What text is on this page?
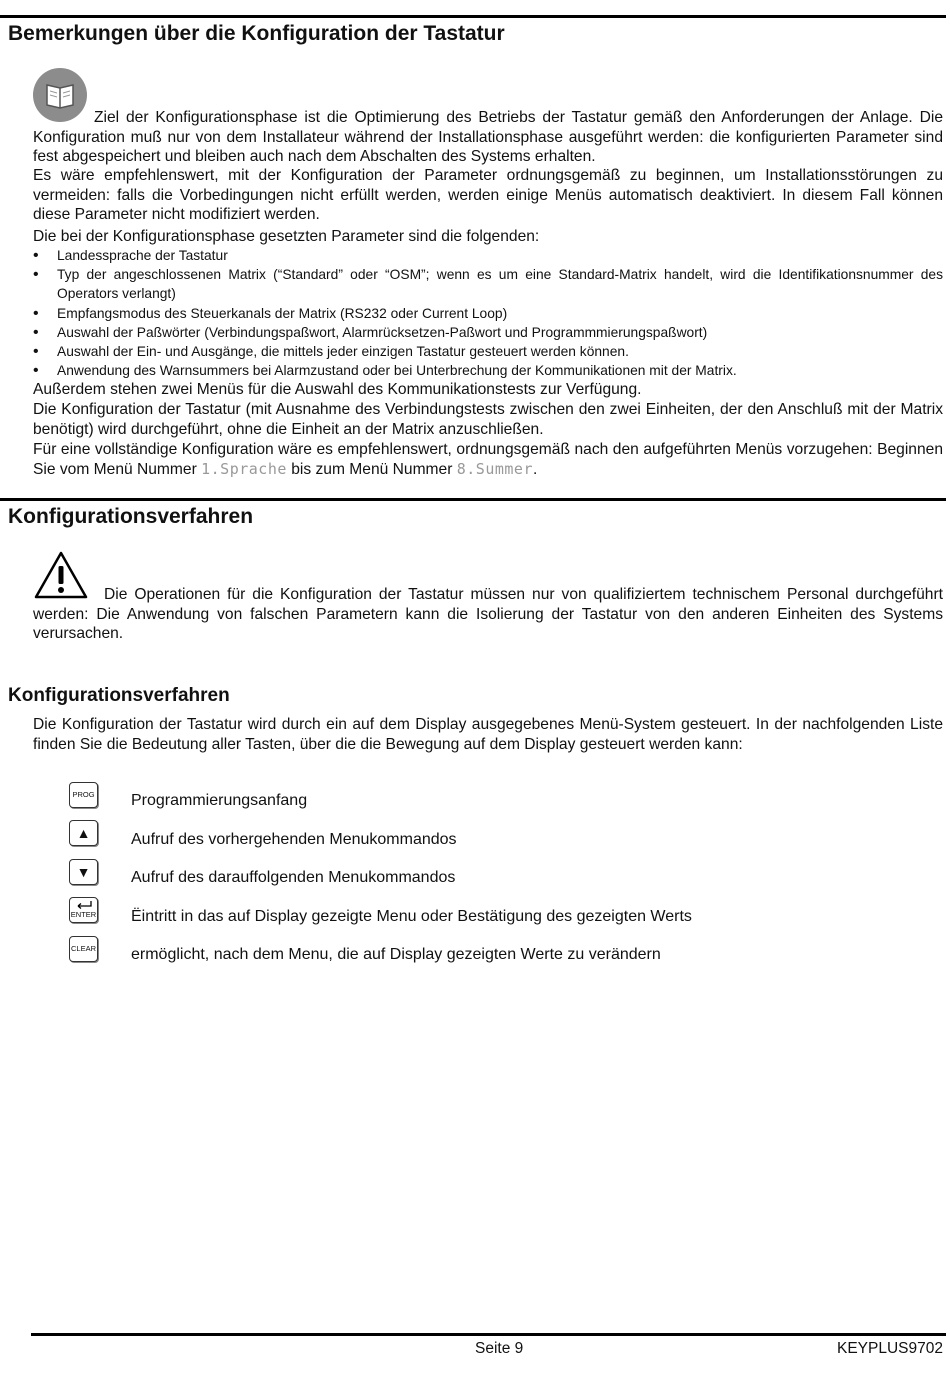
Bemerkungen über die Konfiguration der Tastatur
Ziel der Konfigurationsphase ist die Optimierung des Betriebs der Tastatur gemäß den Anforderungen der Anlage. Die Konfiguration muß nur von dem Installateur während der Installationsphase ausgeführt werden: die konfigurierten Parameter sind fest abgespeichert und bleiben auch nach dem Abschalten des Systems erhalten.
Es wäre empfehlenswert, mit der Konfiguration der Parameter ordnungsgemäß zu beginnen, um Installationsstörungen zu vermeiden: falls die Vorbedingungen nicht erfüllt werden, werden einige Menüs automatisch deaktiviert. In diesem Fall können diese Parameter nicht modifiziert werden.
Die bei der Konfigurationsphase gesetzten Parameter sind die folgenden:
• Landessprache der Tastatur
• Typ der angeschlossenen Matrix (“Standard” oder “OSM”; wenn es um eine Standard-Matrix handelt, wird die Identifikationsnummer des Operators verlangt)
• Empfangsmodus des Steuerkanals der Matrix (RS232 oder Current Loop)
• Auswahl der Paßwörter (Verbindungspaßwort, Alarmrücksetzen-Paßwort und Programmmierungspaßwort)
• Auswahl der Ein- und Ausgänge, die mittels jeder einzigen Tastatur gesteuert werden können.
• Anwendung des Warnsummers bei Alarmzustand oder bei Unterbrechung der Kommunikationen mit der Matrix.
Außerdem stehen zwei Menüs für die Auswahl des Kommunikationstests zur Verfügung.
Die Konfiguration der Tastatur (mit Ausnahme des Verbindungstests zwischen den zwei Einheiten, der den Anschluß mit der Matrix benötigt) wird durchgeführt, ohne die Einheit an der Matrix anzuschließen.
Für eine vollständige Konfiguration wäre es empfehlenswert, ordnungsgemäß nach den aufgeführten Menüs vorzugehen: Beginnen Sie vom Menü Nummer 1.Sprache bis zum Menü Nummer 8.Summer.
Konfigurationsverfahren
Die Operationen für die Konfiguration der Tastatur müssen nur von qualifiziertem technischem Personal durchgeführt werden: Die Anwendung von falschen Parametern kann die Isolierung der Tastatur von den anderen Einheiten des Systems verursachen.
Konfigurationsverfahren
Die Konfiguration der Tastatur wird durch ein auf dem Display ausgegebenes Menü-System gesteuert. In der nachfolgenden Liste finden Sie die Bedeutung aller Tasten, über die die Bewegung auf dem Display gesteuert werden kann:
PROG Programmierungsanfang
▲	Aufruf des vorhergehenden Menukommandos
▼	Aufruf des darauffolgenden Menukommandos
ENTER Ëintritt in das auf Display gezeigte Menu oder Bestätigung des gezeigten Werts
CLEAR ermöglicht, nach dem Menu, die auf Display gezeigten Werte zu verändern
Seite 9	KEYPLUS9702
